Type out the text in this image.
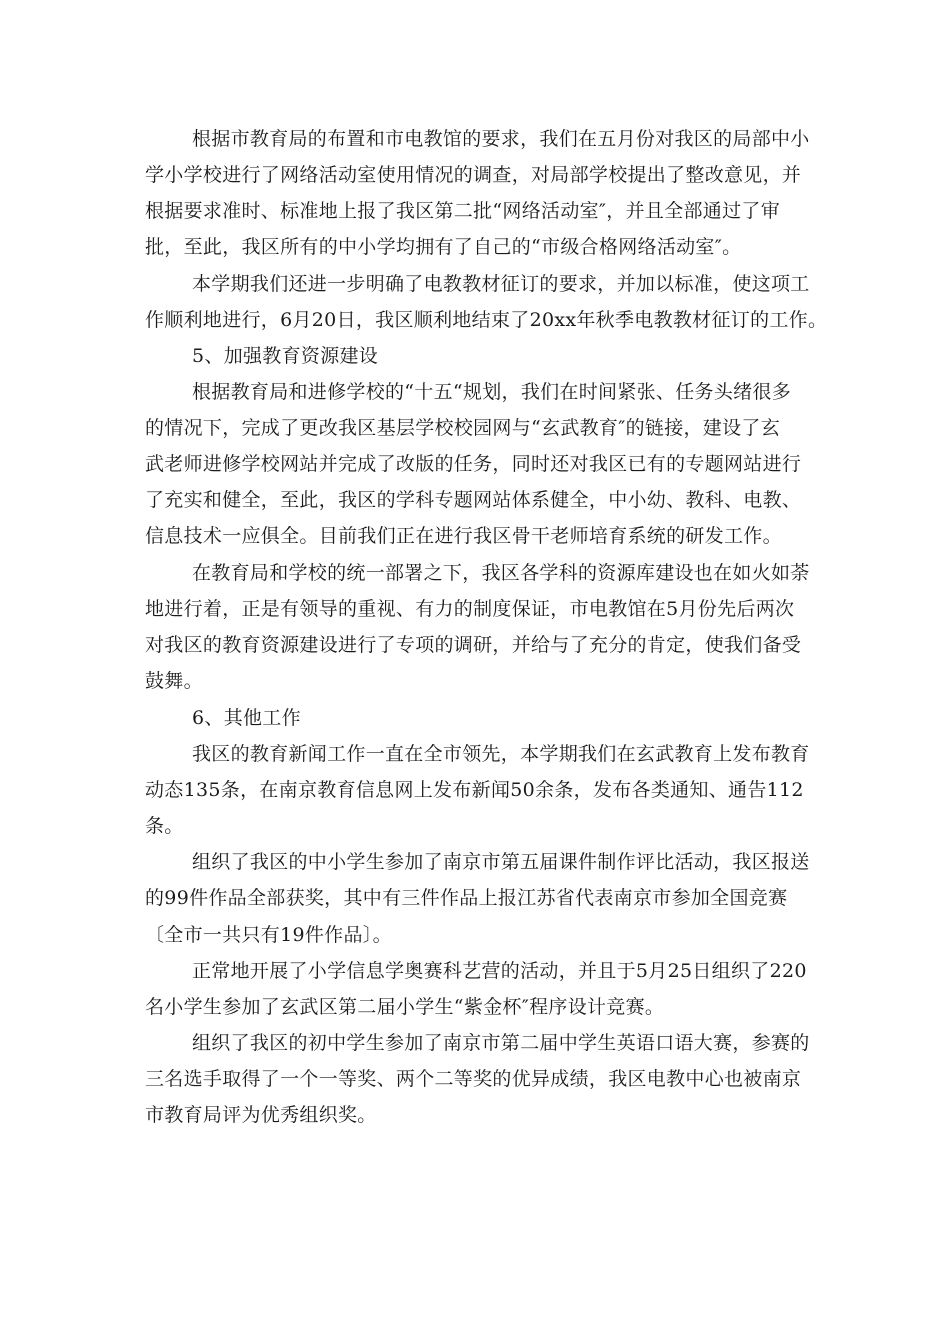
根据市教育局的布置和市电教馆的要求，我们在五月份对我区的局部中小
学小学校进行了网络活动室使用情况的调查，对局部学校提出了整改意见，并
根据要求准时、标准地上报了我区第二批“网络活动室″，并且全部通过了审
批，至此，我区所有的中小学均拥有了自己的“市级合格网络活动室″。
本学期我们还进一步明确了电教教材征订的要求，并加以标准，使这项工
作顺利地进行，6月20日，我区顺利地结束了20xx年秋季电教教材征订的工作。
5、加强教育资源建设
根据教育局和进修学校的“十五“规划，我们在时间紧张、任务头绪很多
的情况下，完成了更改我区基层学校校园网与“玄武教育″的链接，建设了玄
武老师进修学校网站并完成了改版的任务，同时还对我区已有的专题网站进行
了充实和健全，至此，我区的学科专题网站体系健全，中小幼、教科、电教、
信息技术一应俱全。目前我们正在进行我区骨干老师培育系统的研发工作。
在教育局和学校的统一部署之下，我区各学科的资源库建设也在如火如荼
地进行着，正是有领导的重视、有力的制度保证，市电教馆在5月份先后两次
对我区的教育资源建设进行了专项的调研，并给与了充分的肯定，使我们备受
鼓舞。
6、其他工作
我区的教育新闻工作一直在全市领先，本学期我们在玄武教育上发布教育
动态135条，在南京教育信息网上发布新闻50余条，发布各类通知、通告112
条。
组织了我区的中小学生参加了南京市第五届课件制作评比活动，我区报送
的99件作品全部获奖，其中有三件作品上报江苏省代表南京市参加全国竞赛
〔全市一共只有19件作品〕。
正常地开展了小学信息学奥赛科艺营的活动，并且于5月25日组织了220
名小学生参加了玄武区第二届小学生“紫金杯″程序设计竞赛。
组织了我区的初中学生参加了南京市第二届中学生英语口语大赛，参赛的
三名选手取得了一个一等奖、两个二等奖的优异成绩，我区电教中心也被南京
市教育局评为优秀组织奖。
